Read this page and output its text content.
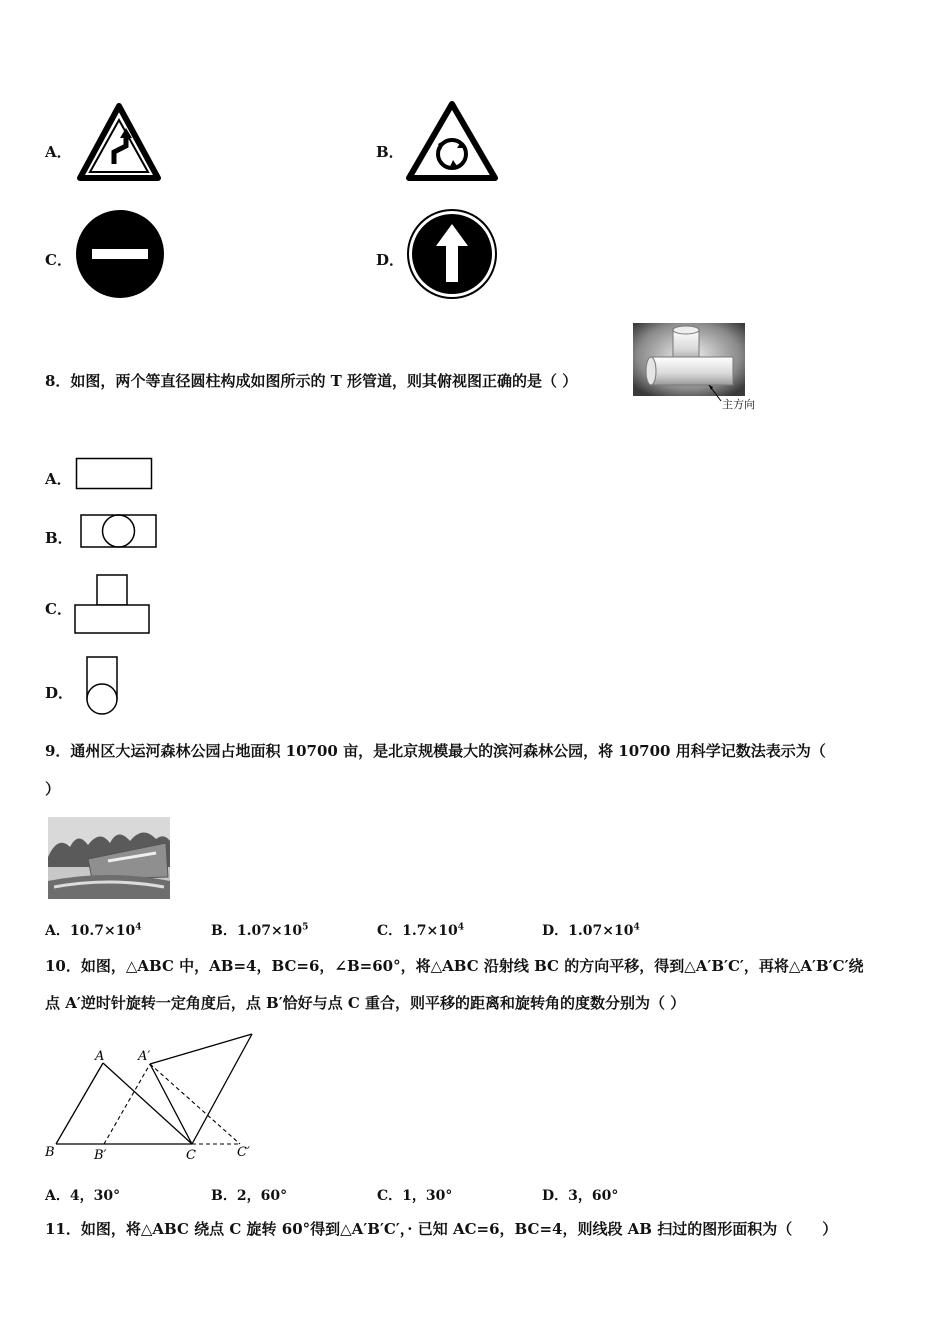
A．	B．
C．	D．
8．如图，两个等直径圆柱构成如图所示的 T 形管道，则其俯视图正确的是（ ）
主方向
A．
B．
C．
D．
9．通州区大运河森林公园占地面积 10700 亩，是北京规模最大的滨河森林公园，将 10700 用科学记数法表示为（
）
A．$10.7\times 10^4$	B．$1.07\times 10^5$	C．$1.7\times 10^4$	D．$1.07\times 10^4$
10．如图，△ABC 中，AB=4，BC=6，∠B=60°，将△ABC 沿射线 BC 的方向平移，得到△A′B′C′，再将△A′B′C′绕
点 A′逆时针旋转一定角度后，点 B′恰好与点 C 重合，则平移的距离和旋转角的度数分别为（ ）
A	A′
B	B′	C	C′
A．4，30°	B．2，60°	C．1，30°	D．3，60°
11．如图，将△ABC 绕点 C 旋转 60°得到△A′B′C′，· 已知 AC=6，BC=4，则线段 AB 扫过的图形面积为（　　）
